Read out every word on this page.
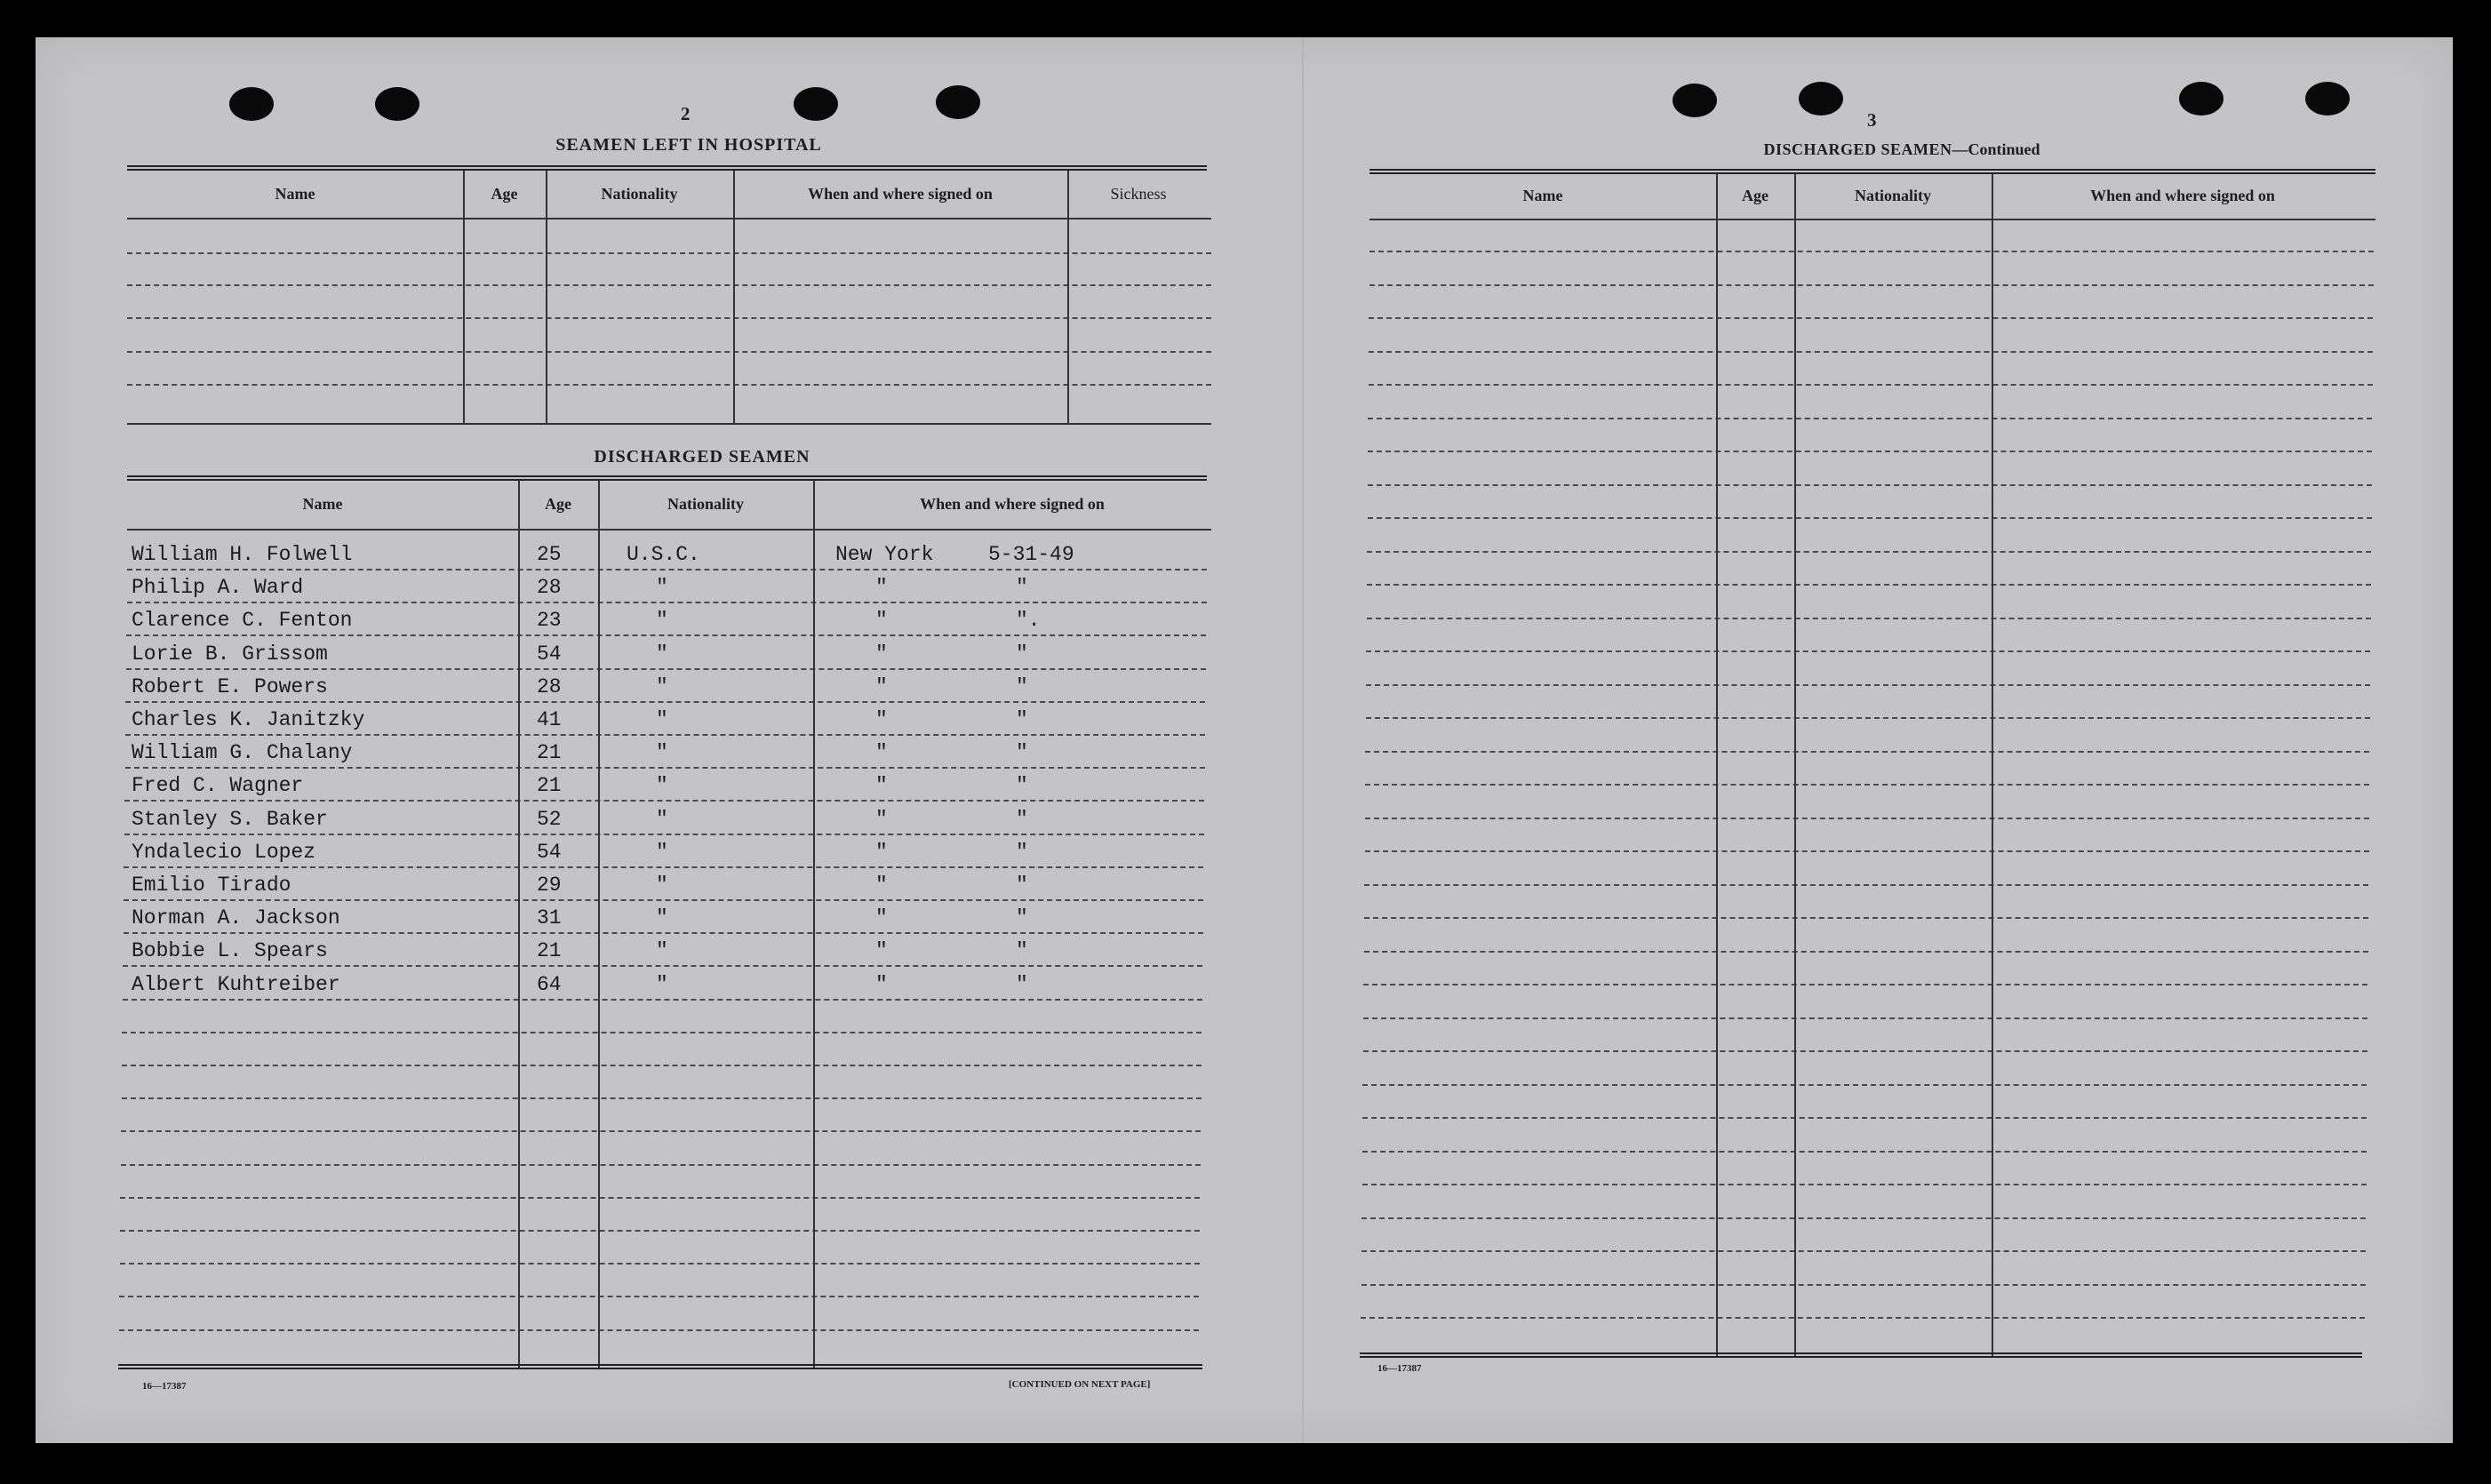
2
SEAMEN LEFT IN HOSPITAL
Name	Age	Nationality	When and where signed on	Sickness
DISCHARGED SEAMEN
Name	Age	Nationality	When and where signed on
William H. Folwell	25	U.S.C.	New York	5-31-49
Philip A. Ward	28	"	"	"
Clarence C. Fenton	23	"	"	".
Lorie B. Grissom	54	"	"	"
Robert E. Powers	28	"	"	"
Charles K. Janitzky	41	"	"	"
William G. Chalany	21	"	"	"
Fred C. Wagner	21	"	"	"
Stanley S. Baker	52	"	"	"
Yndalecio Lopez	54	"	"	"
Emilio Tirado	29	"	"	"
Norman A. Jackson	31	"	"	"
Bobbie L. Spears	21	"	"	"
Albert Kuhtreiber	64	"	"	"
16—17387	[CONTINUED ON NEXT PAGE]
3
DISCHARGED SEAMEN—Continued
Name	Age	Nationality	When and where signed on
16—17387
